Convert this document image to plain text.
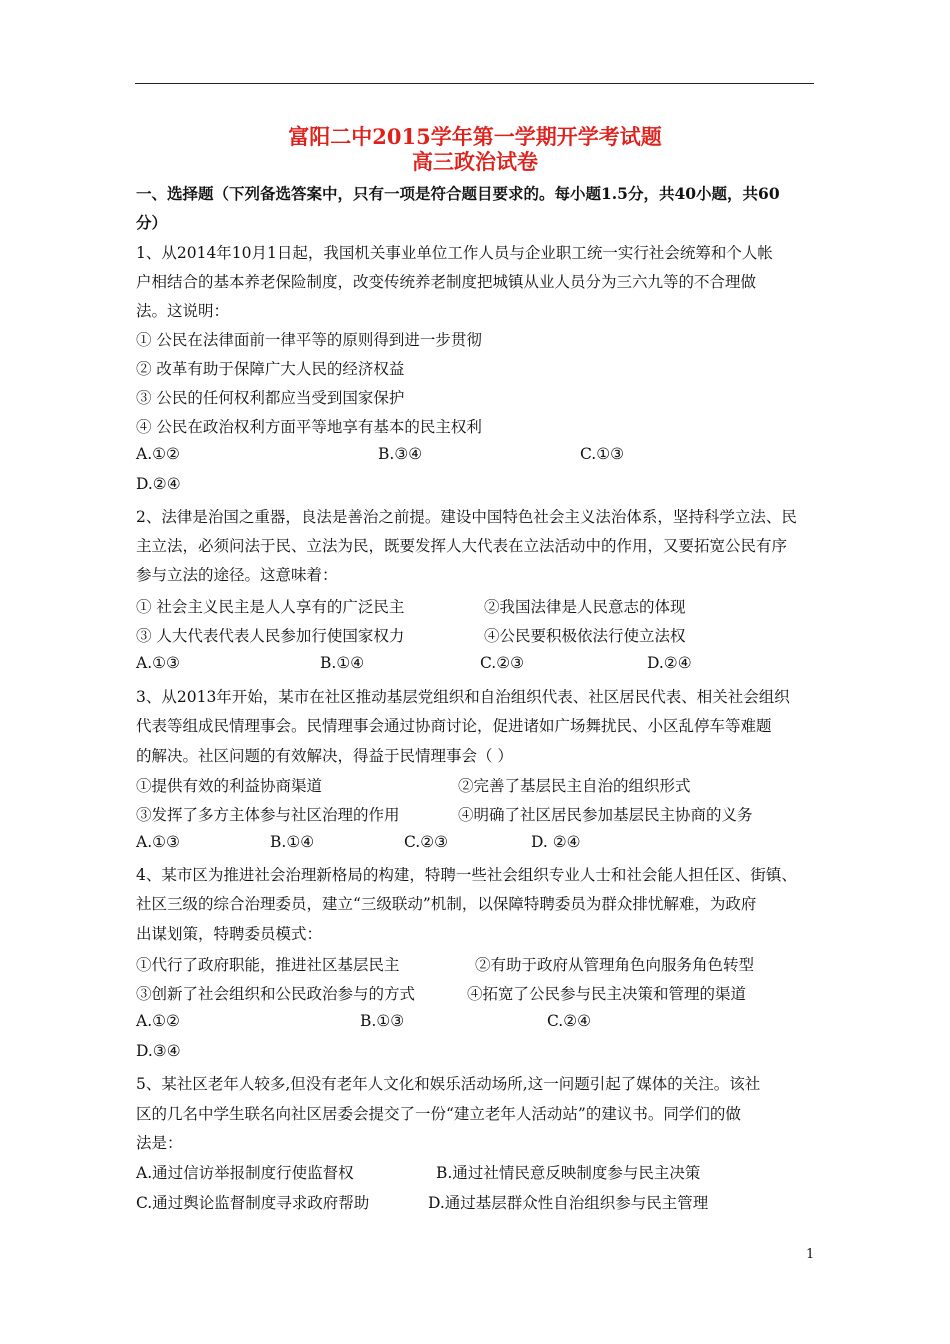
富阳二中2015学年第一学期开学考试题
高三政治试卷
一、选择题（下列备选答案中，只有一项是符合题目要求的。每小题1.5分，共40小题，共60
分）
1、从2014年10月1日起，我国机关事业单位工作人员与企业职工统一实行社会统筹和个人帐
户相结合的基本养老保险制度，改变传统养老制度把城镇从业人员分为三六九等的不合理做
法。这说明：
① 公民在法律面前一律平等的原则得到进一步贯彻
② 改革有助于保障广大人民的经济权益
③ 公民的任何权利都应当受到国家保护
④ 公民在政治权利方面平等地享有基本的民主权利
A.①②	B.③④	C.①③
D.②④
2、法律是治国之重器，良法是善治之前提。建设中国特色社会主义法治体系，坚持科学立法、民
主立法，必须问法于民、立法为民，既要发挥人大代表在立法活动中的作用，又要拓宽公民有序
参与立法的途径。这意味着：
① 社会主义民主是人人享有的广泛民主	②我国法律是人民意志的体现
③ 人大代表代表人民参加行使国家权力	④公民要积极依法行使立法权
A.①③	B.①④	C.②③	D.②④
3、从2013年开始，某市在社区推动基层党组织和自治组织代表、社区居民代表、相关社会组织
代表等组成民情理事会。民情理事会通过协商讨论，促进诸如广场舞扰民、小区乱停车等难题
的解决。社区问题的有效解决，得益于民情理事会（ ）
①提供有效的利益协商渠道	②完善了基层民主自治的组织形式
③发挥了多方主体参与社区治理的作用	④明确了社区居民参加基层民主协商的义务
A.①③	B.①④	C.②③	D. ②④
4、某市区为推进社会治理新格局的构建，特聘一些社会组织专业人士和社会能人担任区、街镇、
社区三级的综合治理委员，建立“三级联动”机制，以保障特聘委员为群众排忧解难，为政府
出谋划策，特聘委员模式：
①代行了政府职能，推进社区基层民主	②有助于政府从管理角色向服务角色转型
③创新了社会组织和公民政治参与的方式	④拓宽了公民参与民主决策和管理的渠道
A.①②	B.①③	C.②④
D.③④
5、某社区老年人较多,但没有老年人文化和娱乐活动场所,这一问题引起了媒体的关注。该社
区的几名中学生联名向社区居委会提交了一份“建立老年人活动站”的建议书。同学们的做
法是：
A.通过信访举报制度行使监督权	B.通过社情民意反映制度参与民主决策
C.通过舆论监督制度寻求政府帮助	D.通过基层群众性自治组织参与民主管理
1
